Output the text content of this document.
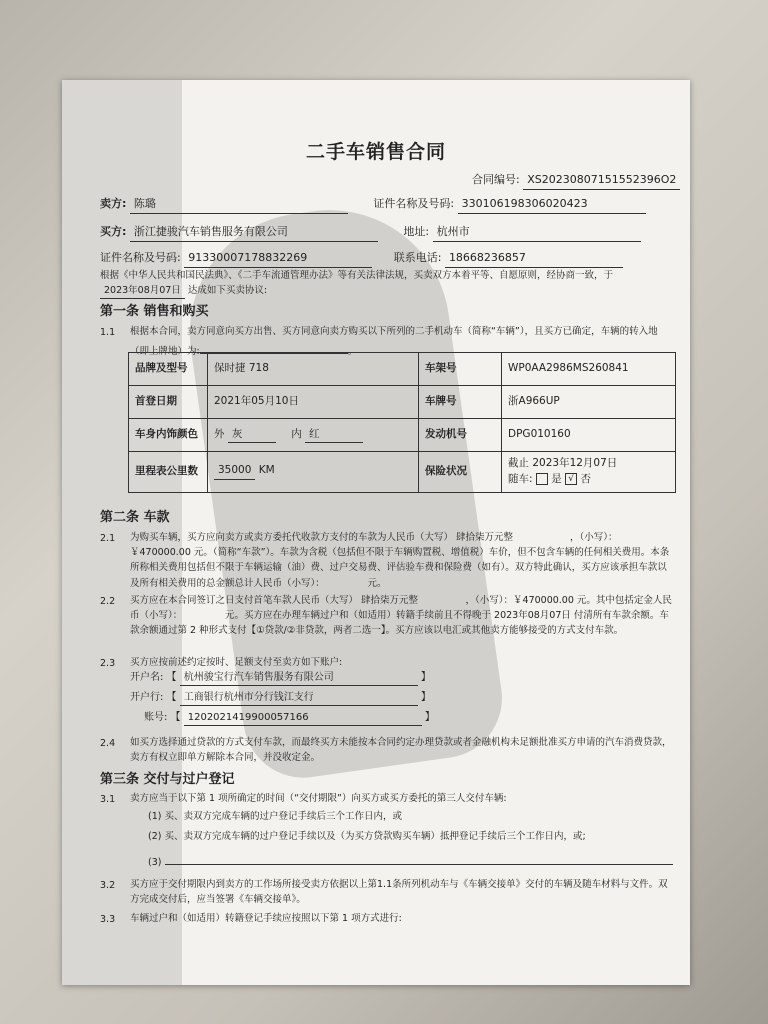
二手车销售合同
合同编号: XS20230807151552396O2
卖方: 陈璐	证件名称及号码: 330106198306020423
买方: 浙江捷骏汽车销售服务有限公司	地址: 杭州市
证件名称及号码: 91330007178832269	联系电话: 18668236857
根据《中华人民共和国民法典》、《二手车流通管理办法》等有关法律法规，买卖双方本着平等、自愿原则，经协商一致，于 2023年08月07日 达成如下买卖协议:
第一条 销售和购买
1.1 根据本合同，卖方同意向买方出售、买方同意向卖方购买以下所列的二手机动车（简称“车辆”），且买方已确定，车辆的转入地（即上牌地）为:	。
品牌及型号	保时捷 718	车架号	WP0AA2986MS260841
首登日期	2021年05月10日	车牌号	浙A966UP
车身内饰颜色	外 灰 内 红	发动机号	DPG010160
里程表公里数	35000 KM	保险状况	截止 2023年12月07日
随车: 是 √ 否
第二条 车款
2.1 为购买车辆，买方应向卖方或卖方委托代收款方支付的车款为人民币（大写） 肆拾柒万元整　　　　　　，（小写）：￥470000.00 元。（简称“车款”）。车款为含税（包括但不限于车辆购置税、增值税）车价，但不包含车辆的任何相关费用。本条所称相关费用包括但不限于车辆运输（油）费、过户交易费、评估验车费和保险费（如有）。双方特此确认，买方应该承担车款以及所有相关费用的总金额总计人民币（小写）：　　　　　元。
2.2 买方应在本合同签订之日支付首笔车款人民币（大写） 肆拾柒万元整　　　　　，（小写）：￥470000.00 元。其中包括定金人民币（小写）：　　　　　元。买方应在办理车辆过户和（如适用）转籍手续前且不得晚于 2023年08月07日 付清所有车款余额。车款余额通过第 2 种形式支付【①贷款/②非贷款，两者二选一】。买方应该以电汇或其他卖方能够接受的方式支付车款。
2.3 买方应按前述约定按时、足额支付至卖方如下账户:
开户名: 【 杭州骏宝行汽车销售服务有限公司	】
开户行: 【 工商银行杭州市分行钱江支行	】
账号: 【 1202021419900057166	】
2.4 如买方选择通过贷款的方式支付车款，而最终买方未能按本合同约定办理贷款或者金融机构未足额批准买方申请的汽车消费贷款，卖方有权立即单方解除本合同，并没收定金。
第三条 交付与过户登记
3.1 卖方应当于以下第 1 项所确定的时间（“交付期限”）向买方或买方委托的第三人交付车辆:
(1) 买、卖双方完成车辆的过户登记手续后三个工作日内，或
(2) 买、卖双方完成车辆的过户登记手续以及（为买方贷款购买车辆）抵押登记手续后三个工作日内，或;
(3)
3.2 买方应于交付期限内到卖方的工作场所接受卖方依据以上第1.1条所列机动车与《车辆交接单》交付的车辆及随车材料与文件。双方完成交付后，应当签署《车辆交接单》。
3.3 车辆过户和（如适用）转籍登记手续应按照以下第 1 项方式进行:
